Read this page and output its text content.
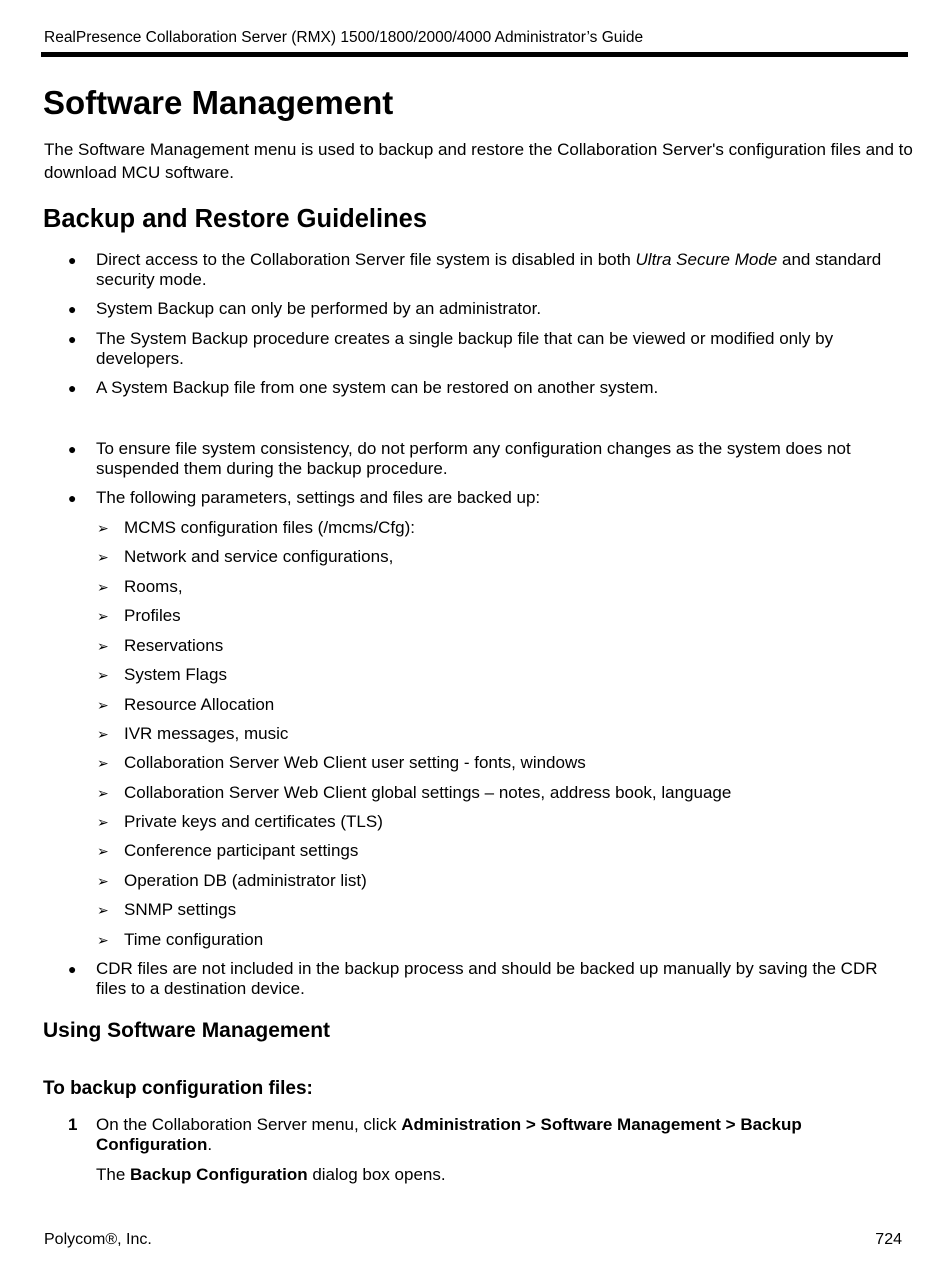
RealPresence Collaboration Server (RMX) 1500/1800/2000/4000 Administrator’s Guide
Software Management

The Software Management menu is used to backup and restore the Collaboration Server's configuration files and to download MCU software.

Backup and Restore Guidelines
● Direct access to the Collaboration Server file system is disabled in both Ultra Secure Mode and standard security mode.

● System Backup can only be performed by an administrator.

● The System Backup procedure creates a single backup file that can be viewed or modified only by developers.

● A System Backup file from one system can be restored on another system.

● To ensure file system consistency, do not perform any configuration changes as the system does not suspended them during the backup procedure.

● The following parameters, settings and files are backed up:

➢ MCMS configuration files (/mcms/Cfg):

➢ Network and service configurations,

➢ Rooms,

➢ Profiles

➢ Reservations

➢ System Flags

➢ Resource Allocation

➢ IVR messages, music

➢ Collaboration Server Web Client user setting - fonts, windows

➢ Collaboration Server Web Client global settings – notes, address book, language

➢ Private keys and certificates (TLS)

➢ Conference participant settings

➢ Operation DB (administrator list)

➢ SNMP settings

➢ Time configuration

● CDR files are not included in the backup process and should be backed up manually by saving the CDR files to a destination device.

Using Software Management
To backup configuration files:
1 On the Collaboration Server menu, click Administration > Software Management > Backup Configuration.
The Backup Configuration dialog box opens.
Polycom®, Inc.	724
